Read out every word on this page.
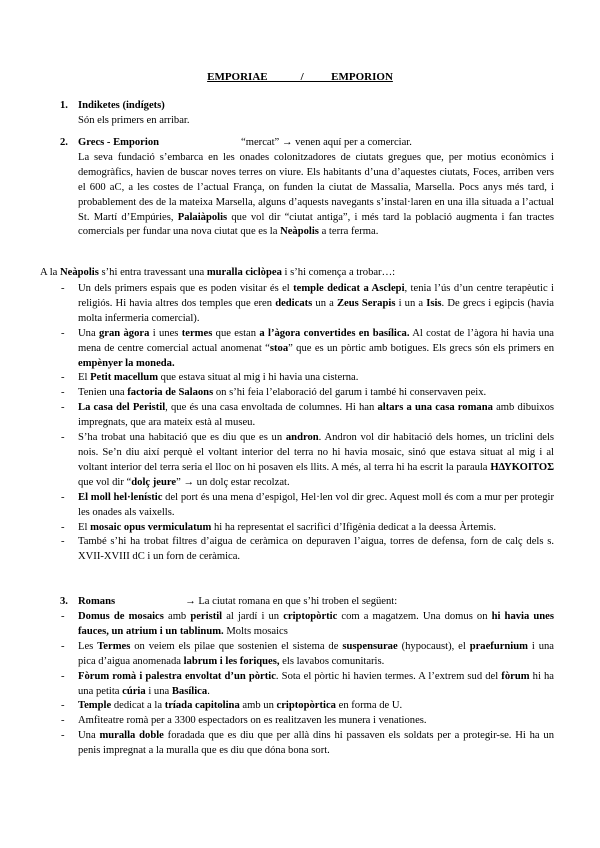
EMPORIAE            /          EMPORION
1. Indiketes (indígets)
Són els primers en arribar.
2. Grecs - Emporion	“mercat” → venen aquí per a comerciar.
La seva fundació s’embarca en les onades colonitzadores de ciutats gregues que, per motius econòmics i demogràfics, havien de buscar noves terres on viure. Els habitants d’una d’aquestes ciutats, Foces, arriben vers el 600 aC, a les costes de l’actual França, on funden la ciutat de Massalia, Marsella. Pocs anys més tard, i probablement des de la mateixa Marsella, alguns d’aquests navegants s’instal·laren en una illa situada a l’actual St. Martí d’Empúries, Palaiàpolis que vol dir “ciutat antiga”, i més tard la població augmenta i fan tractes comercials per fundar una nova ciutat que es la Neàpolis a terra ferma.
A la Neàpolis s’hi entra travessant una muralla ciclòpea i s’hi comença a trobar…:
- Un dels primers espais que es poden visitar és el temple dedicat a Asclepi, tenia l’ús d’un centre terapèutic i religiós. Hi havia altres dos temples que eren dedicats un a Zeus Serapis i un a Isis. De grecs i egipcis (havia molta infermeria comercial).
- Una gran àgora i unes termes que estan a l’àgora convertides en basílica. Al costat de l’àgora hi havia una mena de centre comercial actual anomenat “stoa” que es un pòrtic amb botigues. Els grecs són els primers en empènyer la moneda.
- El Petit macellum que estava situat al mig i hi havia una cisterna.
- Tenien una factoria de Salaons on s’hi feia l’elaboració del garum i també hi conservaven peix.
- La casa del Peristil, que és una casa envoltada de columnes. Hi han altars a una casa romana amb dibuixos impregnats, que ara mateix està al museu.
- S’ha trobat una habitació que es diu que es un andron. Andron vol dir habitació dels homes, un triclini dels nois. Se’n diu així perquè el voltant interior del terra no hi havia mosaic, sinó que estava situat al mig i al voltant interior del terra seria el lloc on hi posaven els llits. A més, al terra hi ha escrit la paraula ΗΔΥΚΟΙΤΟΣ que vol dir “dolç jeure” → un dolç estar recolzat.
- El moll hel·lenístic del port és una mena d’espigol, Hel·len vol dir grec. Aquest moll és com a mur per protegir les onades als vaixells.
- El mosaic opus vermiculatum hi ha representat el sacrifici d’Ifigènia dedicat a la deessa Àrtemis.
- També s’hi ha trobat filtres d’aigua de ceràmica on depuraven l’aigua, torres de defensa, forn de calç dels s. XVII-XVIII dC i un forn de ceràmica.
3. Romans	→ La ciutat romana en que s’hi troben el següent:
- Domus de mosaics amb peristil al jardí i un criptopòrtic com a magatzem. Una domus on hi havia unes fauces, un atrium i un tablinum. Molts mosaics
- Les Termes on veiem els pilae que sostenien el sistema de suspensurae (hypocaust), el praefurnium i una pica d’aigua anomenada labrum i les foriques, els lavabos comunitaris.
- Fòrum romà i palestra envoltat d’un pòrtic. Sota el pòrtic hi havien termes. A l’extrem sud del fòrum hi ha una petita cúria i una Basílica.
- Temple dedicat a la tríada capitolina amb un criptopòrtica en forma de U.
- Amfiteatre romà per a 3300 espectadors on es realitzaven les munera i venationes.
- Una muralla doble foradada que es diu que per allà dins hi passaven els soldats per a protegir-se. Hi ha un penis impregnat a la muralla que es diu que dóna bona sort.
